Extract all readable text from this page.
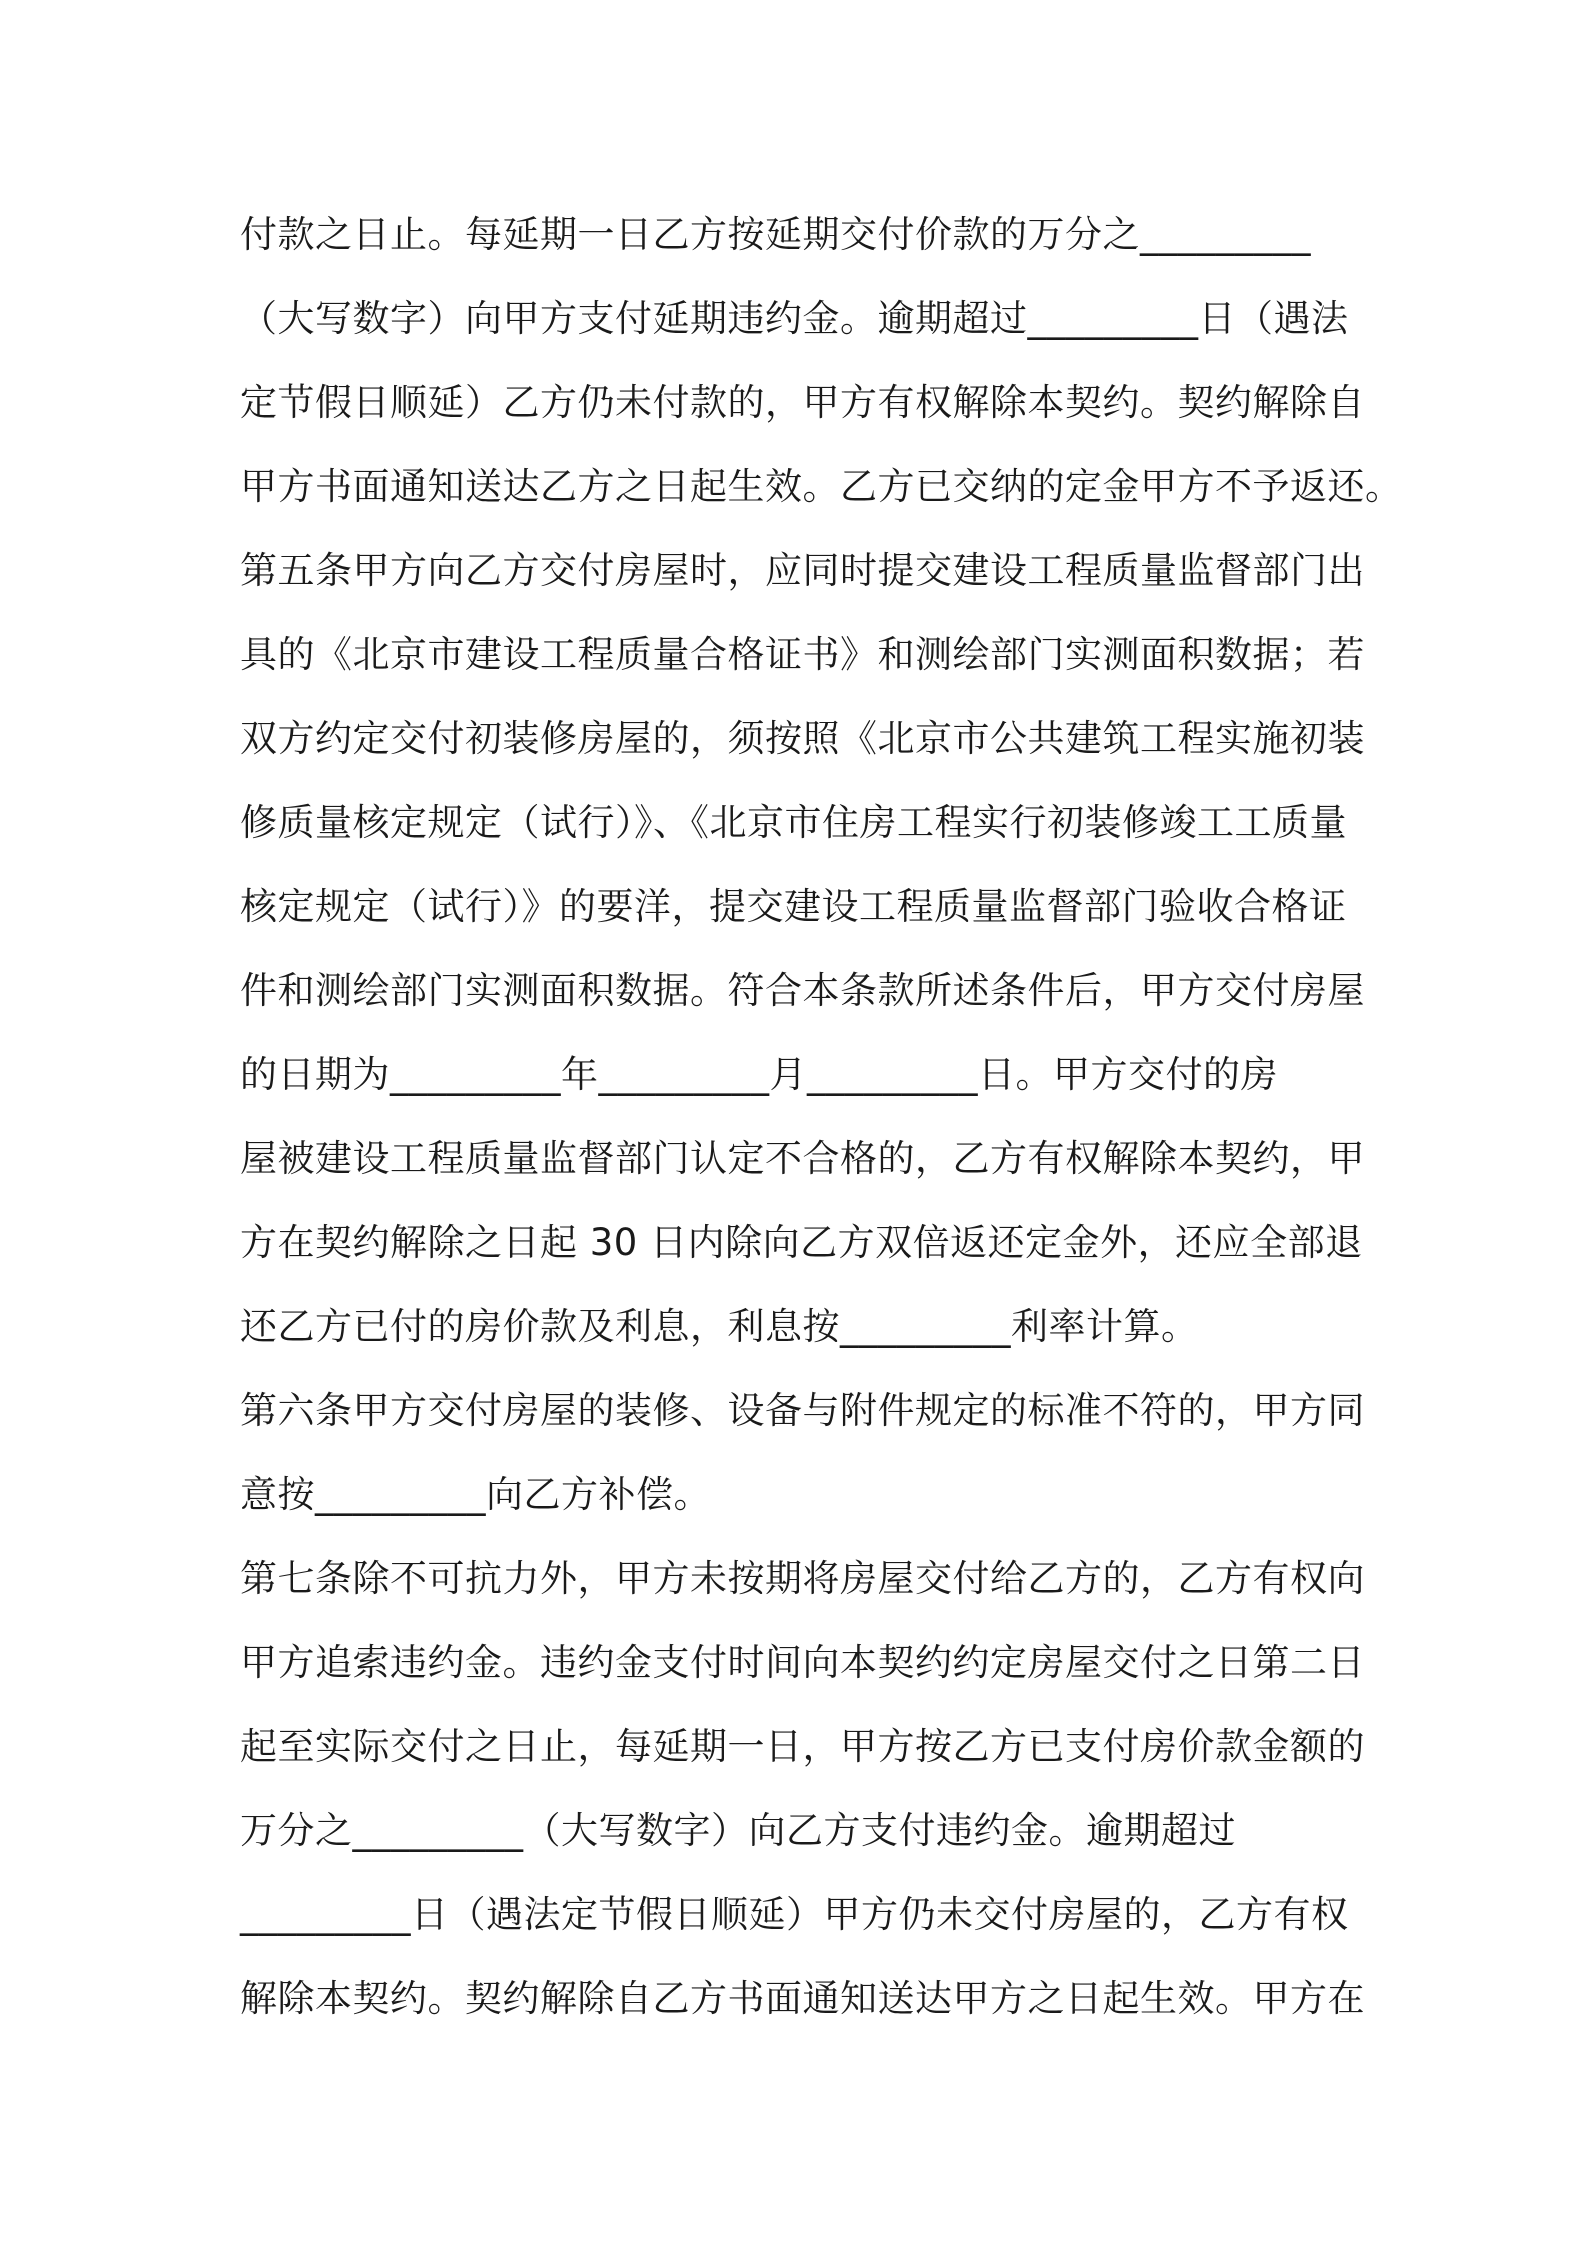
付款之日止。每延期一日乙方按延期交付价款的万分之_________
（大写数字）向甲方支付延期违约金。逾期超过_________日（遇法
定节假日顺延）乙方仍未付款的，甲方有权解除本契约。契约解除自
甲方书面通知送达乙方之日起生效。乙方已交纳的定金甲方不予返还。
第五条甲方向乙方交付房屋时，应同时提交建设工程质量监督部门出
具的《北京市建设工程质量合格证书》和测绘部门实测面积数据；若
双方约定交付初装修房屋的，须按照《北京市公共建筑工程实施初装
修质量核定规定（试行）》、《北京市住房工程实行初装修竣工工质量
核定规定（试行）》的要洋，提交建设工程质量监督部门验收合格证
件和测绘部门实测面积数据。符合本条款所述条件后，甲方交付房屋
的日期为_________年_________月_________日。甲方交付的房
屋被建设工程质量监督部门认定不合格的，乙方有权解除本契约，甲
方在契约解除之日起 30 日内除向乙方双倍返还定金外，还应全部退
还乙方已付的房价款及利息，利息按_________利率计算。
第六条甲方交付房屋的装修、设备与附件规定的标准不符的，甲方同
意按_________向乙方补偿。
第七条除不可抗力外，甲方未按期将房屋交付给乙方的，乙方有权向
甲方追索违约金。违约金支付时间向本契约约定房屋交付之日第二日
起至实际交付之日止，每延期一日，甲方按乙方已支付房价款金额的
万分之_________（大写数字）向乙方支付违约金。逾期超过
_________日（遇法定节假日顺延）甲方仍未交付房屋的，乙方有权
解除本契约。契约解除自乙方书面通知送达甲方之日起生效。甲方在
